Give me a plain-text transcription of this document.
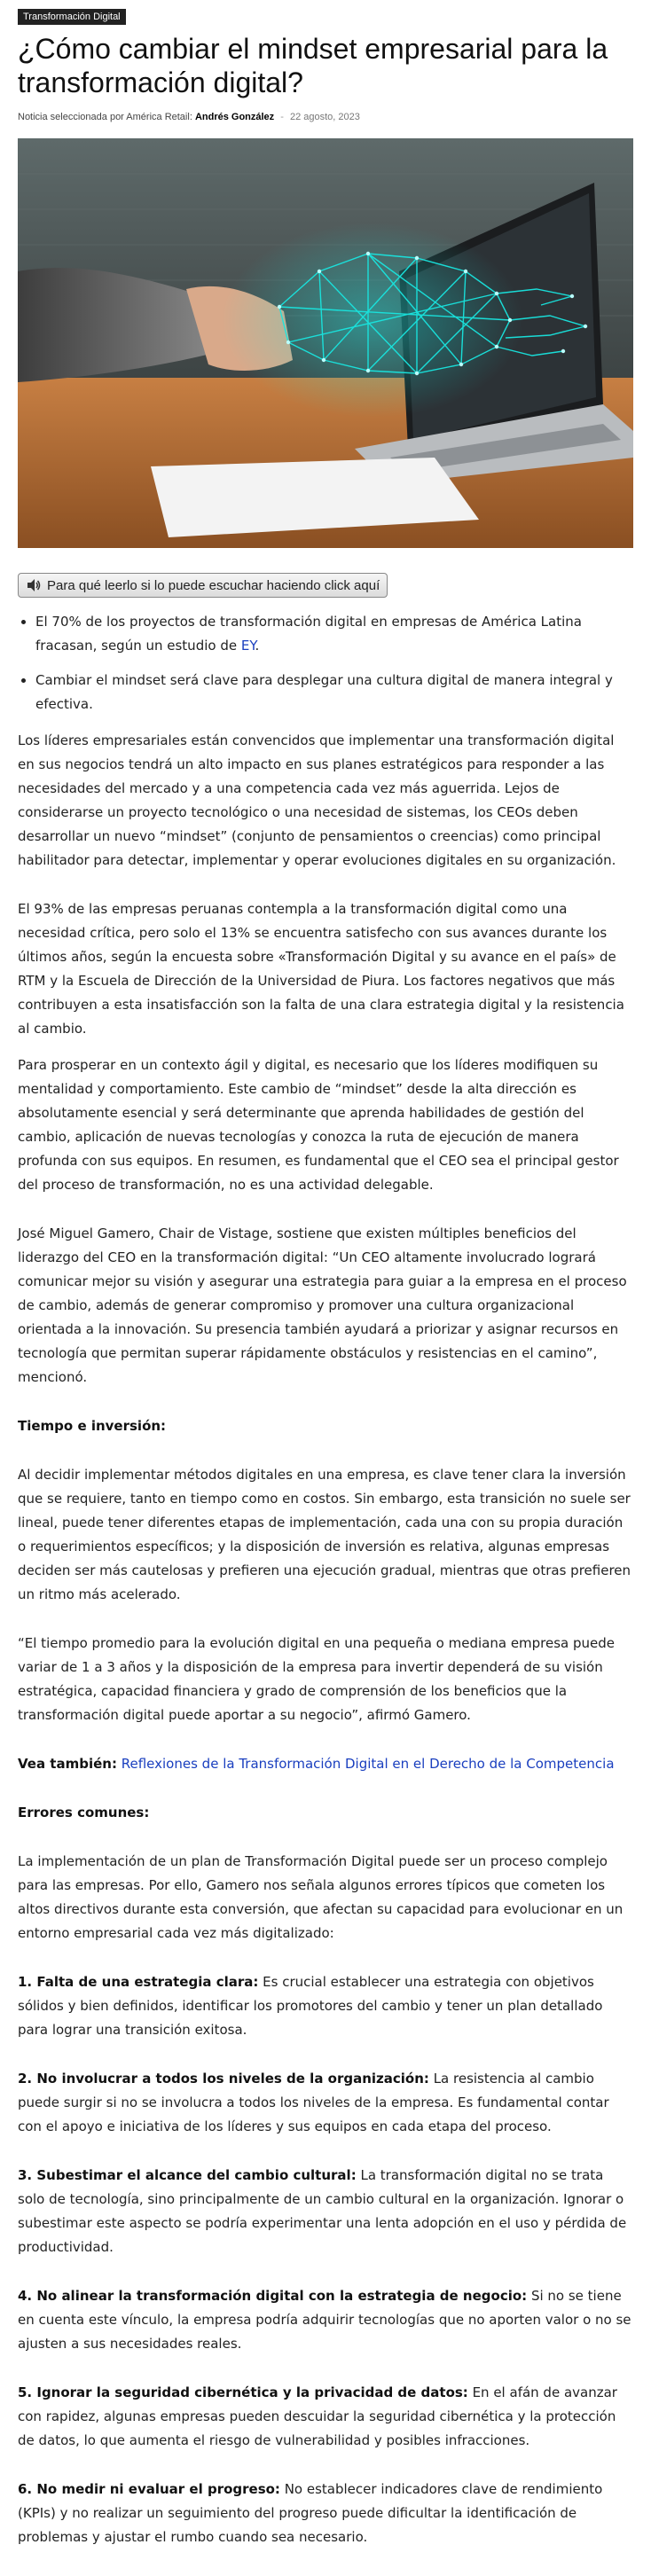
Transformación Digital
¿Cómo cambiar el mindset empresarial para la transformación digital?
Noticia seleccionada por América Retail: Andrés González - 22 agosto, 2023
Para qué leerlo si lo puede escuchar haciendo click aquí
• El 70% de los proyectos de transformación digital en empresas de América Latina fracasan, según un estudio de EY.
• Cambiar el mindset será clave para desplegar una cultura digital de manera integral y efectiva.

Los líderes empresariales están convencidos que implementar una transformación digital en sus negocios tendrá un alto impacto en sus planes estratégicos para responder a las necesidades del mercado y a una competencia cada vez más aguerrida. Lejos de considerarse un proyecto tecnológico o una necesidad de sistemas, los CEOs deben desarrollar un nuevo “mindset” (conjunto de pensamientos o creencias) como principal habilitador para detectar, implementar y operar evoluciones digitales en su organización.

El 93% de las empresas peruanas contempla a la transformación digital como una necesidad crítica, pero solo el 13% se encuentra satisfecho con sus avances durante los últimos años, según la encuesta sobre «Transformación Digital y su avance en el país» de RTM y la Escuela de Dirección de la Universidad de Piura. Los factores negativos que más contribuyen a esta insatisfacción son la falta de una clara estrategia digital y la resistencia al cambio.

Para prosperar en un contexto ágil y digital, es necesario que los líderes modifiquen su mentalidad y comportamiento. Este cambio de “mindset” desde la alta dirección es absolutamente esencial y será determinante que aprenda habilidades de gestión del cambio, aplicación de nuevas tecnologías y conozca la ruta de ejecución de manera profunda con sus equipos. En resumen, es fundamental que el CEO sea el principal gestor del proceso de transformación, no es una actividad delegable.

José Miguel Gamero, Chair de Vistage, sostiene que existen múltiples beneficios del liderazgo del CEO en la transformación digital: “Un CEO altamente involucrado logrará comunicar mejor su visión y asegurar una estrategia para guiar a la empresa en el proceso de cambio, además de generar compromiso y promover una cultura organizacional orientada a la innovación. Su presencia también ayudará a priorizar y asignar recursos en tecnología que permitan superar rápidamente obstáculos y resistencias en el camino”, mencionó.

Tiempo e inversión:

Al decidir implementar métodos digitales en una empresa, es clave tener clara la inversión que se requiere, tanto en tiempo como en costos. Sin embargo, esta transición no suele ser lineal, puede tener diferentes etapas de implementación, cada una con su propia duración o requerimientos específicos; y la disposición de inversión es relativa, algunas empresas deciden ser más cautelosas y prefieren una ejecución gradual, mientras que otras prefieren un ritmo más acelerado.

“El tiempo promedio para la evolución digital en una pequeña o mediana empresa puede variar de 1 a 3 años y la disposición de la empresa para invertir dependerá de su visión estratégica, capacidad financiera y grado de comprensión de los beneficios que la transformación digital puede aportar a su negocio”, afirmó Gamero.

Vea también: Reflexiones de la Transformación Digital en el Derecho de la Competencia

Errores comunes:

La implementación de un plan de Transformación Digital puede ser un proceso complejo para las empresas. Por ello, Gamero nos señala algunos errores típicos que cometen los altos directivos durante esta conversión, que afectan su capacidad para evolucionar en un entorno empresarial cada vez más digitalizado:

1. Falta de una estrategia clara: Es crucial establecer una estrategia con objetivos sólidos y bien definidos, identificar los promotores del cambio y tener un plan detallado para lograr una transición exitosa.

2. No involucrar a todos los niveles de la organización: La resistencia al cambio puede surgir si no se involucra a todos los niveles de la empresa. Es fundamental contar con el apoyo e iniciativa de los líderes y sus equipos en cada etapa del proceso.

3. Subestimar el alcance del cambio cultural: La transformación digital no se trata solo de tecnología, sino principalmente de un cambio cultural en la organización. Ignorar o subestimar este aspecto se podría experimentar una lenta adopción en el uso y pérdida de productividad.

4. No alinear la transformación digital con la estrategia de negocio: Si no se tiene en cuenta este vínculo, la empresa podría adquirir tecnologías que no aporten valor o no se ajusten a sus necesidades reales.

5. Ignorar la seguridad cibernética y la privacidad de datos: En el afán de avanzar con rapidez, algunas empresas pueden descuidar la seguridad cibernética y la protección de datos, lo que aumenta el riesgo de vulnerabilidad y posibles infracciones.

6. No medir ni evaluar el progreso: No establecer indicadores clave de rendimiento (KPIs) y no realizar un seguimiento del progreso puede dificultar la identificación de problemas y ajustar el rumbo cuando sea necesario.
